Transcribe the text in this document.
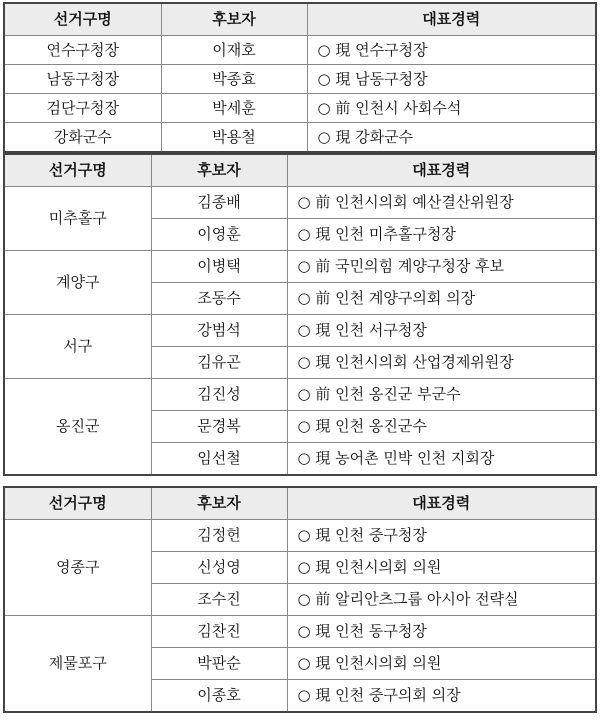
선거구명	후보자	대표경력
연수구청장	이재호	○ 現 연수구청장
남동구청장	박종효	○ 現 남동구청장
검단구청장	박세훈	○ 前 인천시 사회수석
강화군수	박용철	○ 現 강화군수
선거구명	후보자	대표경력
미추홀구	김종배	○ 前 인천시의회 예산결산위원장
	이영훈	○ 現 인천 미추홀구청장
계양구	이병택	○ 前 국민의힘 계양구청장 후보
	조동수	○ 前 인천 계양구의회 의장
서구	강범석	○ 現 인천 서구청장
	김유곤	○ 現 인천시의회 산업경제위원장
옹진군	김진성	○ 前 인천 옹진군 부군수
	문경복	○ 現 인천 옹진군수
	임선철	○ 現 농어촌 민박 인천 지회장
선거구명	후보자	대표경력
영종구	김정헌	○ 現 인천 중구청장
	신성영	○ 現 인천시의회 의원
	조수진	○ 前 알리안츠그룹 아시아 전략실
제물포구	김찬진	○ 現 인천 동구청장
	박판순	○ 現 인천시의회 의원
	이종호	○ 現 인천 중구의회 의장
